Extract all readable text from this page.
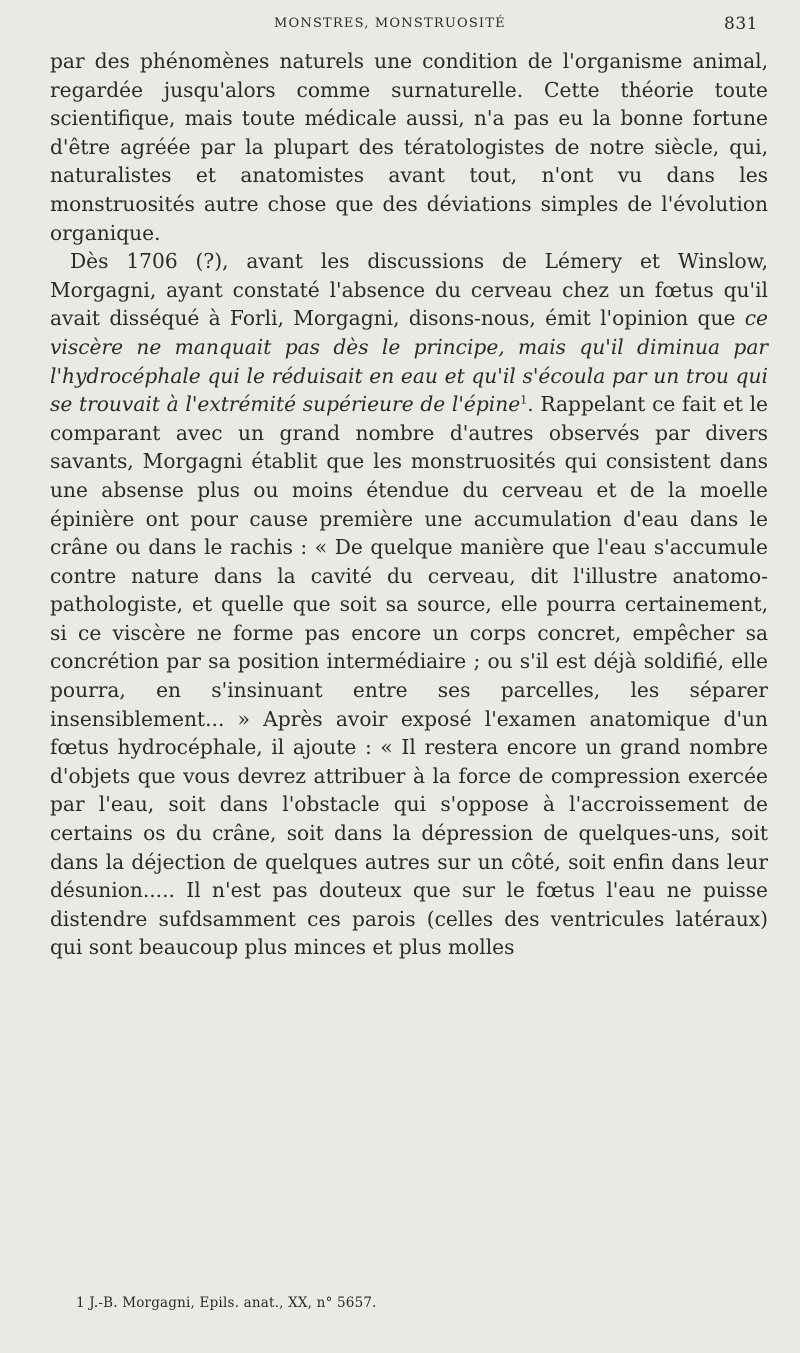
MONSTRES, MONSTRUOSITÉ	831

par des phénomènes naturels une condition de l'organisme animal, regardée jusqu'alors comme surnaturelle. Cette théorie toute scientifique, mais toute médicale aussi, n'a pas eu la bonne fortune d'être agréée par la plupart des tératologistes de notre siècle, qui, naturalistes et anatomistes avant tout, n'ont vu dans les monstruosités autre chose que des déviations simples de l'évolution organique.

Dès 1706 (?), avant les discussions de Lémery et Winslow, Morgagni, ayant constaté l'absence du cerveau chez un fœtus qu'il avait disséqué à Forli, Morgagni, disons-nous, émit l'opinion que ce viscère ne manquait pas dès le principe, mais qu'il diminua par l'hydrocéphale qui le réduisait en eau et qu'il s'écoula par un trou qui se trouvait à l'extrémité supérieure de l'épine$^1$. Rappelant ce fait et le comparant avec un grand nombre d'autres observés par divers savants, Morgagni établit que les monstruosités qui consistent dans une absense plus ou moins étendue du cerveau et de la moelle épinière ont pour cause première une accumulation d'eau dans le crâne ou dans le rachis : « De quelque manière que l'eau s'accumule contre nature dans la cavité du cerveau, dit l'illustre anatomo-pathologiste, et quelle que soit sa source, elle pourra certainement, si ce viscère ne forme pas encore un corps concret, empêcher sa concrétion par sa position intermédiaire ; ou s'il est déjà soldifié, elle pourra, en s'insinuant entre ses parcelles, les séparer insensiblement... » Après avoir exposé l'examen anatomique d'un fœtus hydrocéphale, il ajoute : « Il restera encore un grand nombre d'objets que vous devrez attribuer à la force de compression exercée par l'eau, soit dans l'obstacle qui s'oppose à l'accroissement de certains os du crâne, soit dans la dépression de quelques-uns, soit dans la déjection de quelques autres sur un côté, soit enfin dans leur désunion..... Il n'est pas douteux que sur le fœtus l'eau ne puisse distendre sufdsamment ces parois (celles des ventricules latéraux) qui sont beaucoup plus minces et plus molles

1 J.-B. Morgagni, Epils. anat., XX, n° 5657.
